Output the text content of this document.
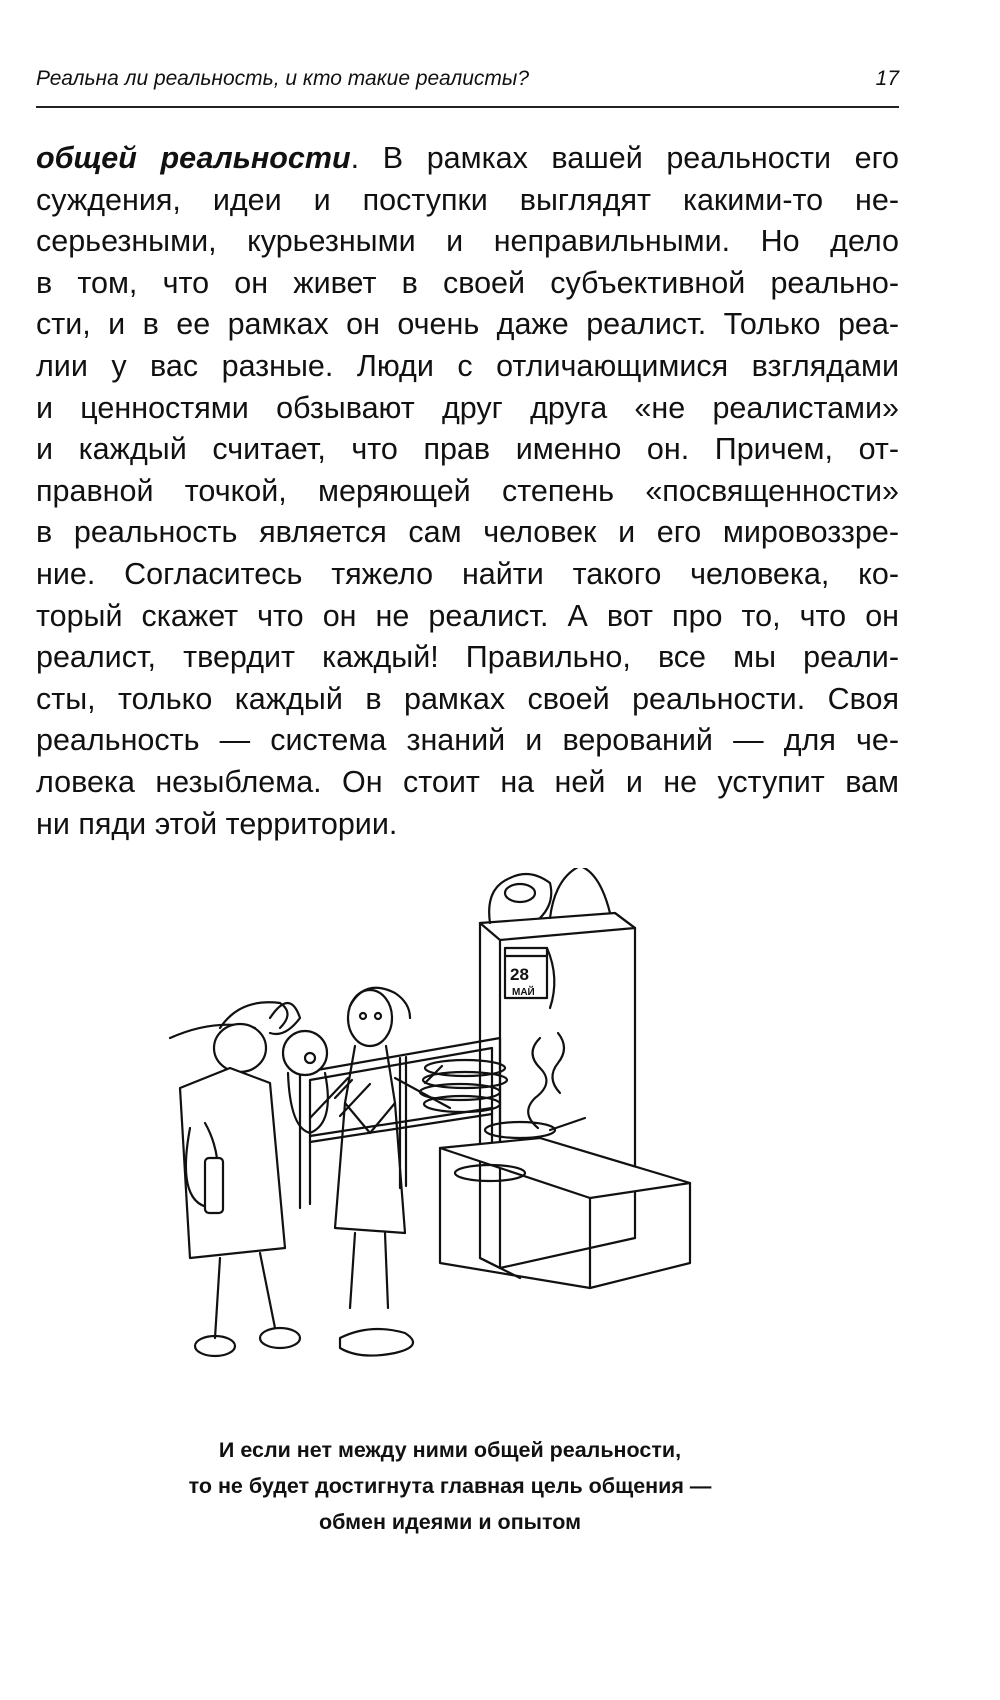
Реальна ли реальность, и кто такие реалисты?	17
общей реальности. В рамках вашей реальности его
суждения, идеи и поступки выглядят какими-то не-
серьезными, курьезными и неправильными. Но дело
в том, что он живет в своей субъективной реально-
сти, и в ее рамках он очень даже реалист. Только реа-
лии у вас разные. Люди с отличающимися взглядами
и ценностями обзывают друг друга «не реалистами»
и каждый считает, что прав именно он. Причем, от-
правной точкой, меряющей степень «посвященности»
в реальность является сам человек и его мировоззре-
ние. Согласитесь тяжело найти такого человека, ко-
торый скажет что он не реалист. А вот про то, что он
реалист, твердит каждый! Правильно, все мы реали-
сты, только каждый в рамках своей реальности. Своя
реальность — система знаний и верований — для че-
ловека незыблема. Он стоит на ней и не уступит вам
ни пяди этой территории.
28
МАЙ
И если нет между ними общей реальности,
то не будет достигнута главная цель общения —
обмен идеями и опытом
